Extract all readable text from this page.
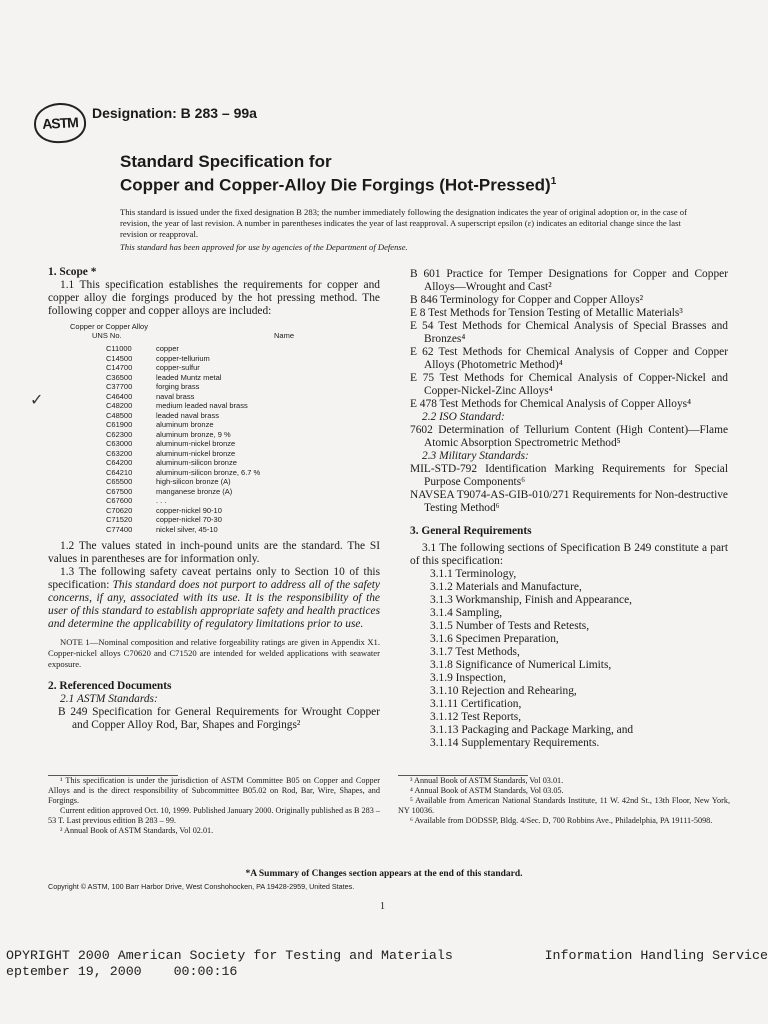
ASTM
Designation: B 283 – 99a
Standard Specification for
Copper and Copper-Alloy Die Forgings (Hot-Pressed)$^1$
This standard is issued under the fixed designation B 283; the number immediately following the designation indicates the year of original adoption or, in the case of revision, the year of last revision. A number in parentheses indicates the year of last reapproval. A superscript epsilon (ε) indicates an editorial change since the last revision or reapproval.
This standard has been approved for use by agencies of the Department of Defense.
✓
1. Scope *

1.1 This specification establishes the requirements for copper and copper alloy die forgings produced by the hot pressing method. The following copper and copper alloys are included:

Copper or Copper Alloy
UNS No.	Name
C11000	copper
C14500	copper-tellurium
C14700	copper-sulfur
C36500	leaded Muntz metal
C37700	forging brass
C46400	naval brass
C48200	medium leaded naval brass
C48500	leaded naval brass
C61900	aluminum bronze
C62300	aluminum bronze, 9 %
C63000	aluminum-nickel bronze
C63200	aluminum-nickel bronze
C64200	aluminum-silicon bronze
C64210	aluminum-silicon bronze, 6.7 %
C65500	high-silicon bronze (A)
C67500	manganese bronze (A)
C67600	. . .
C70620	copper-nickel 90-10
C71520	copper-nickel 70-30
C77400	nickel silver, 45-10

1.2 The values stated in inch-pound units are the standard. The SI values in parentheses are for information only.

1.3 The following safety caveat pertains only to Section 10 of this specification: This standard does not purport to address all of the safety concerns, if any, associated with its use. It is the responsibility of the user of this standard to establish appropriate safety and health practices and determine the applicability of regulatory limitations prior to use.

NOTE 1—Nominal composition and relative forgeability ratings are given in Appendix X1. Copper-nickel alloys C70620 and C71520 are intended for welded applications with seawater exposure.

2. Referenced Documents

2.1 ASTM Standards:

B 249 Specification for General Requirements for Wrought Copper and Copper Alloy Rod, Bar, Shapes and Forgings²

B 601 Practice for Temper Designations for Copper and Copper Alloys—Wrought and Cast²

B 846 Terminology for Copper and Copper Alloys²

E 8 Test Methods for Tension Testing of Metallic Materials³

E 54 Test Methods for Chemical Analysis of Special Brasses and Bronzes⁴

E 62 Test Methods for Chemical Analysis of Copper and Copper Alloys (Photometric Method)⁴

E 75 Test Methods for Chemical Analysis of Copper-Nickel and Copper-Nickel-Zinc Alloys⁴

E 478 Test Methods for Chemical Analysis of Copper Alloys⁴

2.2 ISO Standard:

7602 Determination of Tellurium Content (High Content)—Flame Atomic Absorption Spectrometric Method⁵

2.3 Military Standards:

MIL-STD-792 Identification Marking Requirements for Special Purpose Components⁶

NAVSEA T9074-AS-GIB-010/271 Requirements for Non-destructive Testing Method⁶

3. General Requirements

3.1 The following sections of Specification B 249 constitute a part of this specification:

3.1.1 Terminology,

3.1.2 Materials and Manufacture,

3.1.3 Workmanship, Finish and Appearance,

3.1.4 Sampling,

3.1.5 Number of Tests and Retests,

3.1.6 Specimen Preparation,

3.1.7 Test Methods,

3.1.8 Significance of Numerical Limits,

3.1.9 Inspection,

3.1.10 Rejection and Rehearing,

3.1.11 Certification,

3.1.12 Test Reports,

3.1.13 Packaging and Package Marking, and

3.1.14 Supplementary Requirements.

¹ This specification is under the jurisdiction of ASTM Committee B05 on Copper and Copper Alloys and is the direct responsibility of Subcommittee B05.02 on Rod, Bar, Wire, Shapes, and Forgings.

Current edition approved Oct. 10, 1999. Published January 2000. Originally published as B 283 – 53 T. Last previous edition B 283 – 99.

² Annual Book of ASTM Standards, Vol 02.01.

³ Annual Book of ASTM Standards, Vol 03.01.

⁴ Annual Book of ASTM Standards, Vol 03.05.

⁵ Available from American National Standards Institute, 11 W. 42nd St., 13th Floor, New York, NY 10036.

⁶ Available from DODSSP, Bldg. 4/Sec. D, 700 Robbins Ave., Philadelphia, PA 19111-5098.

*A Summary of Changes section appears at the end of this standard.
Copyright © ASTM, 100 Barr Harbor Drive, West Conshohocken, PA 19428-2959, United States.
1
OPYRIGHT 2000 American Society for Testing and Materials	Information Handling Service
eptember 19, 2000    00:00:16
